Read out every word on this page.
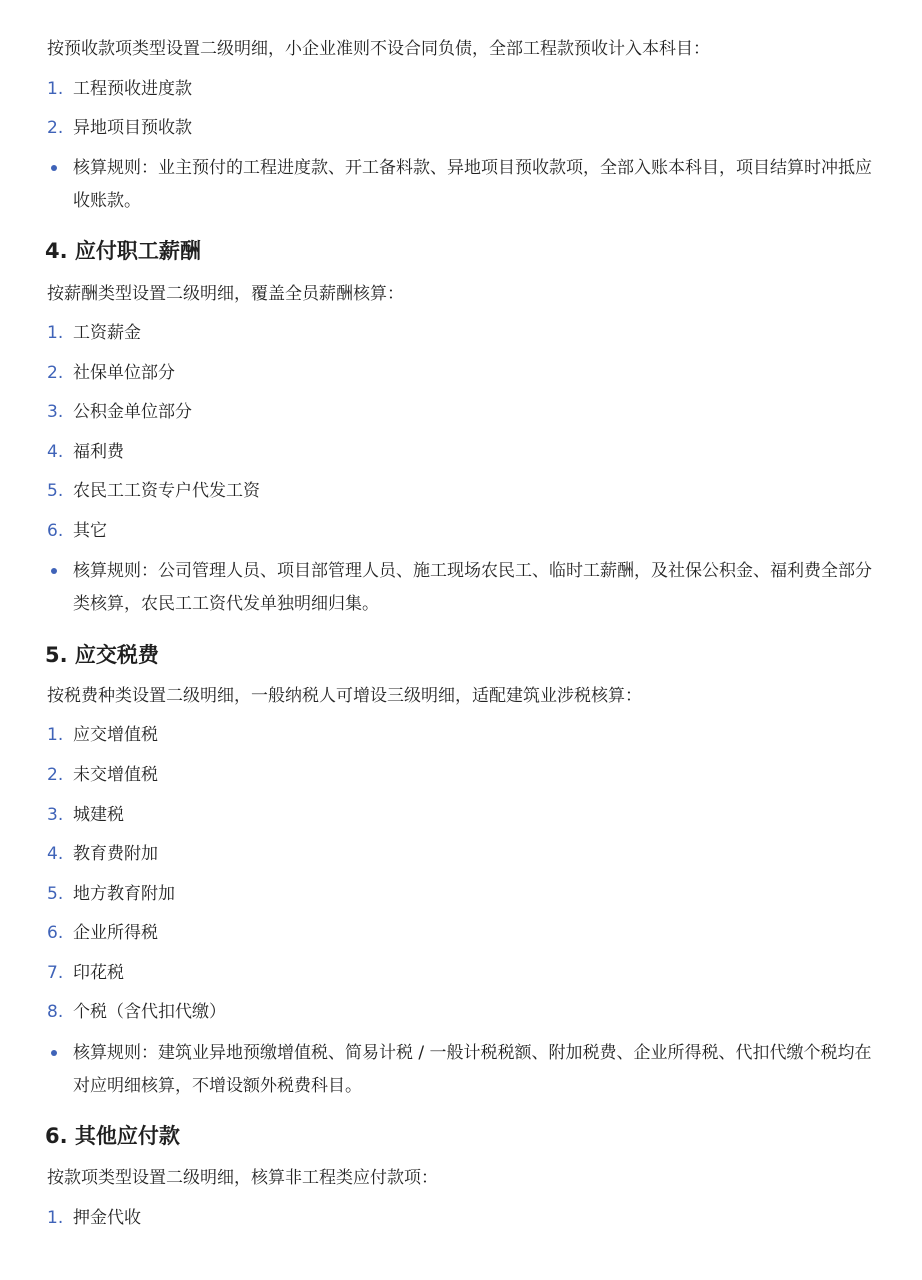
按预收款项类型设置二级明细，小企业准则不设合同负债，全部工程款预收计入本科目：

1. 工程预收进度款
2. 异地项目预收款
核算规则：业主预付的工程进度款、开工备料款、异地项目预收款项，全部入账本科目，项目结算时冲抵应收账款。
4. 应付职工薪酬

按薪酬类型设置二级明细，覆盖全员薪酬核算：

1. 工资薪金
2. 社保单位部分
3. 公积金单位部分
4. 福利费
5. 农民工工资专户代发工资
6. 其它
核算规则：公司管理人员、项目部管理人员、施工现场农民工、临时工薪酬，及社保公积金、福利费全部分类核算，农民工工资代发单独明细归集。
5. 应交税费

按税费种类设置二级明细，一般纳税人可增设三级明细，适配建筑业涉税核算：

1. 应交增值税
2. 未交增值税
3. 城建税
4. 教育费附加
5. 地方教育附加
6. 企业所得税
7. 印花税
8. 个税（含代扣代缴）
核算规则：建筑业异地预缴增值税、简易计税 / 一般计税税额、附加税费、企业所得税、代扣代缴个税均在对应明细核算，不增设额外税费科目。
6. 其他应付款

按款项类型设置二级明细，核算非工程类应付款项：

1. 押金代收
